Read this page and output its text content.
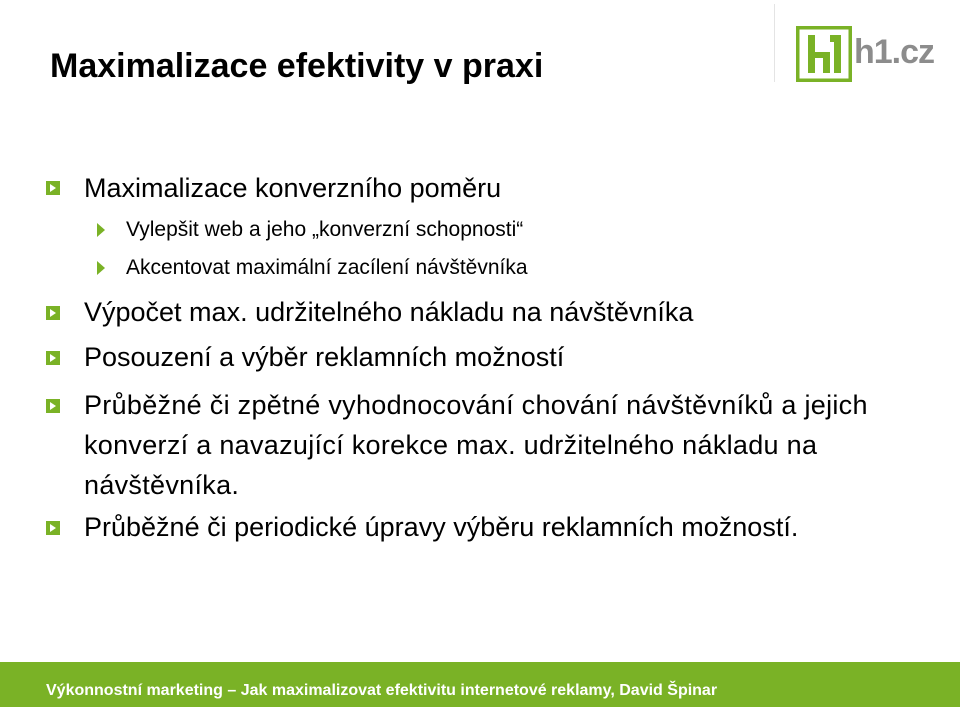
Maximalizace efektivity v praxi	h1.cz
Maximalizace konverzního poměru
Vylepšit web a jeho „konverzní schopnosti“
Akcentovat maximální zacílení návštěvníka
Výpočet max. udržitelného nákladu na návštěvníka
Posouzení a výběr reklamních možností
Průběžné či zpětné vyhodnocování chování návštěvníků a jejich konverzí a navazující korekce max. udržitelného nákladu na návštěvníka.
Průběžné či periodické úpravy výběru reklamních možností.
Výkonnostní marketing – Jak maximalizovat efektivitu internetové reklamy, David Špinar
